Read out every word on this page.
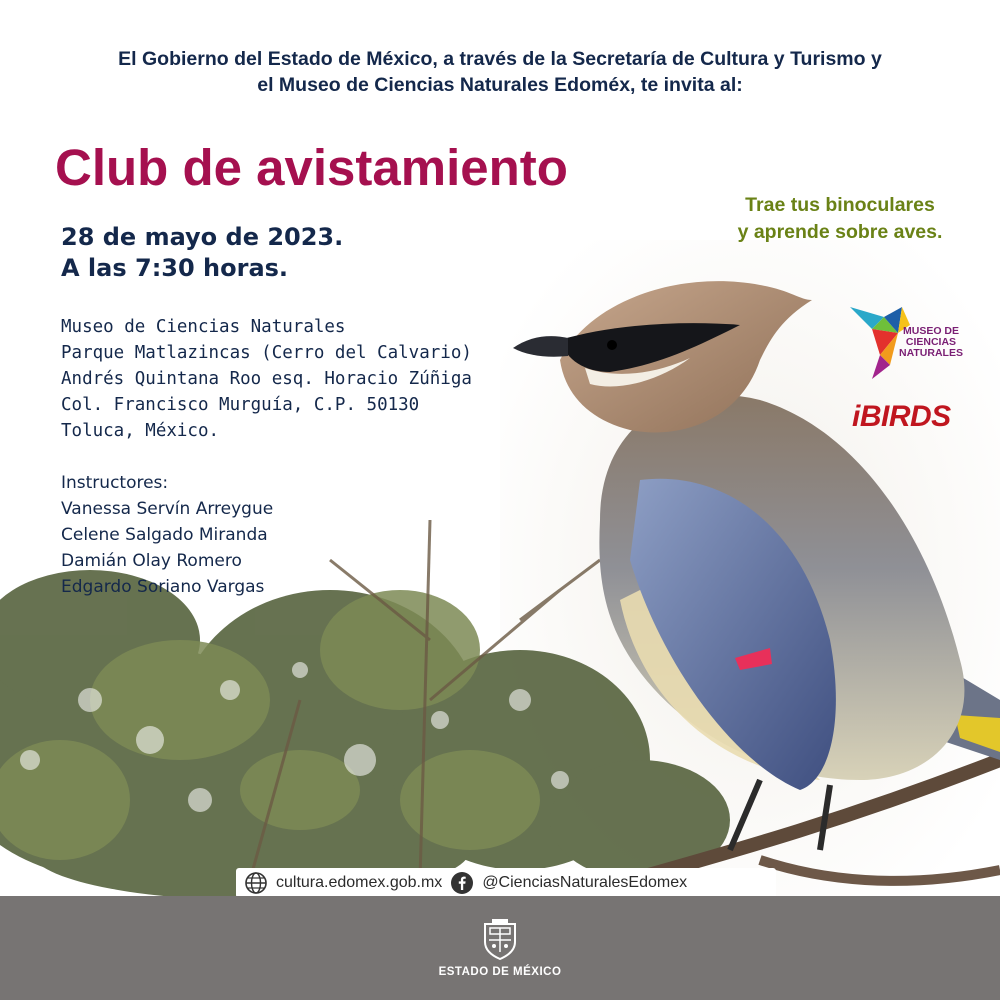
El Gobierno del Estado de México, a través de la Secretaría de Cultura y Turismo y
el Museo de Ciencias Naturales Edoméx, te invita al:
Club de avistamiento
28 de mayo de 2023.
A las 7:30 horas.
Trae tus binoculares
y aprende sobre aves.
Museo de Ciencias Naturales
Parque Matlazincas (Cerro del Calvario)
Andrés Quintana Roo esq. Horacio Zúñiga
Col. Francisco Murguía, C.P. 50130
Toluca, México.
Instructores:
Vanessa Servín Arreygue
Celene Salgado Miranda
Damián Olay Romero
Edgardo Soriano Vargas
MUSEO DE
CIENCIAS
NATURALES
iBIRDS
cultura.edomex.gob.mx	@CienciasNaturalesEdomex
ESTADO DE MÉXICO
